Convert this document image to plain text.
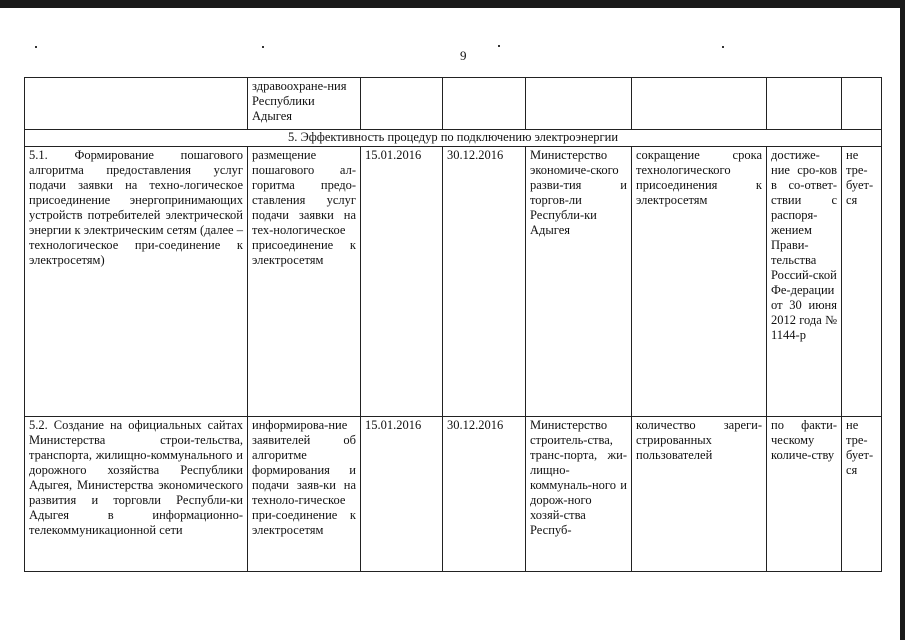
9

	здравоохране-ния Республики Адыгея						

5. Эффективность процедур по подключению электроэнергии							
5.1. Формирование пошагового алгоритма предоставления услуг подачи заявки на техно-логическое присоединение энергопринимающих устройств потребителей электрической энергии к электрическим сетям (далее – технологическое при-соединение к электросетям)	размещение пошагового ал-горитма предо-ставления услуг подачи заявки на тех-нологическое присоединение к электросетям	15.01.2016	30.12.2016	Министерство экономиче-ского разви-тия и торгов-ли Республи-ки Адыгея	сокращение срока технологического присоединения к электросетям	достиже-ние сро-ков в со-ответ-ствии с распоря-жением Прави-тельства Россий-ской Фе-дерации от 30 июня 2012 года № 1144-р	не тре-бует-ся
5.2. Создание на официальных сайтах Министерства строи-тельства, транспорта, жилищно-коммунального и дорожного хозяйства Республики Адыгея, Министерства экономического развития и торговли Республи-ки Адыгея в информационно-телекоммуникационной сети	информирова-ние заявителей об алгоритме формирования и подачи заяв-ки на техноло-гическое при-соединение к электросетям	15.01.2016	30.12.2016	Министерство строитель-ства, транс-порта, жи-лищно-коммуналь-ного и дорож-ного хозяй-ства Респуб-	количество зареги-стрированных пользователей	по факти-ческому количе-ству	не тре-бует-ся
